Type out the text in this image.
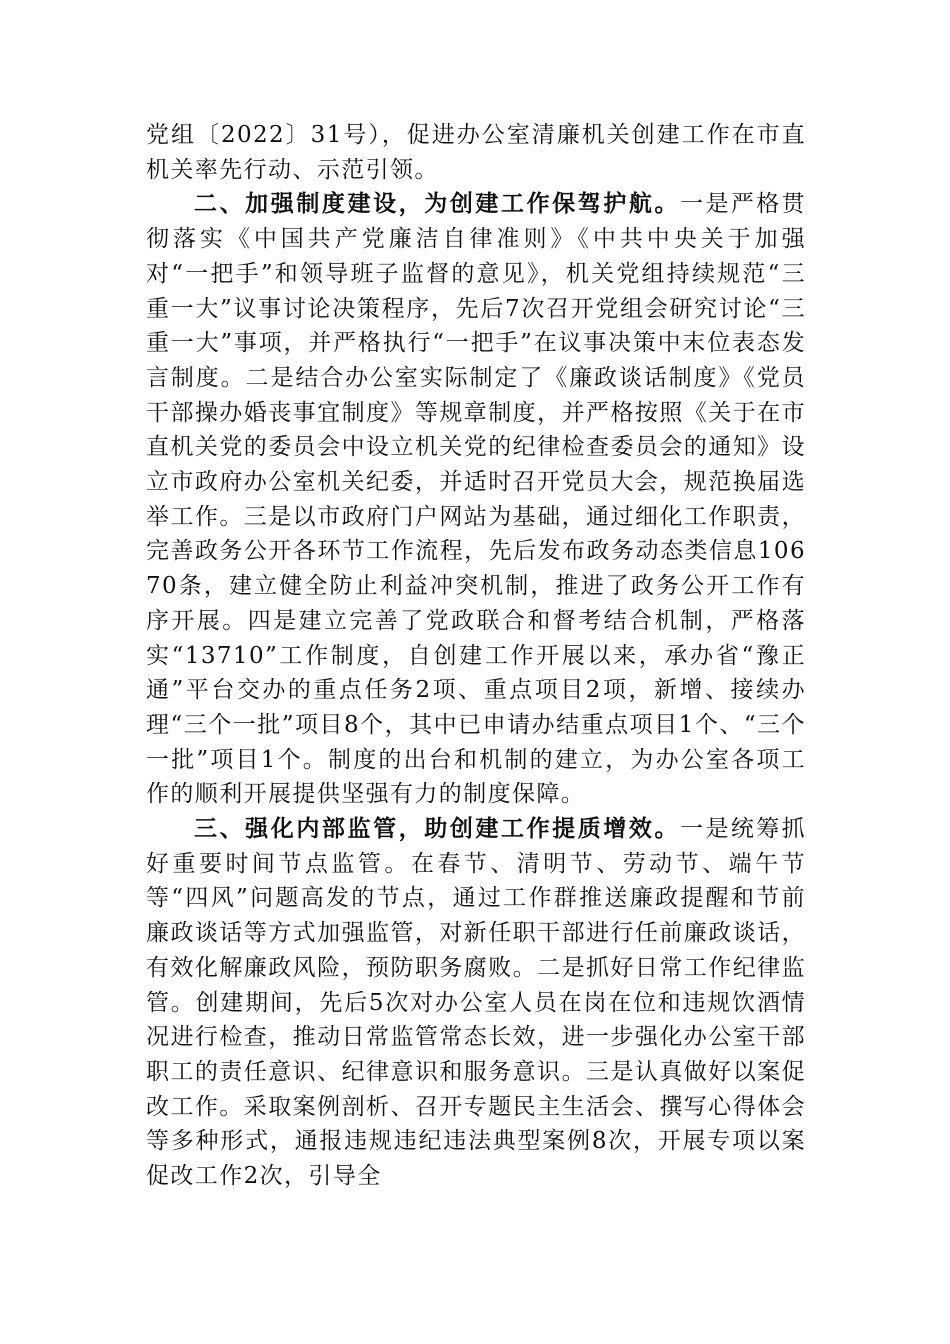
党组〔2022〕31号），促进办公室清廉机关创建工作在市直机关率先行动、示范引领。

二、加强制度建设，为创建工作保驾护航。一是严格贯彻落实《中国共产党廉洁自律准则》《中共中央关于加强对“一把手”和领导班子监督的意见》，机关党组持续规范“三重一大”议事讨论决策程序，先后7次召开党组会研究讨论“三重一大”事项，并严格执行“一把手”在议事决策中末位表态发言制度。二是结合办公室实际制定了《廉政谈话制度》《党员干部操办婚丧事宜制度》等规章制度，并严格按照《关于在市直机关党的委员会中设立机关党的纪律检查委员会的通知》设立市政府办公室机关纪委，并适时召开党员大会，规范换届选举工作。三是以市政府门户网站为基础，通过细化工作职责，完善政务公开各环节工作流程，先后发布政务动态类信息10670条，建立健全防止利益冲突机制，推进了政务公开工作有序开展。四是建立完善了党政联合和督考结合机制，严格落实“13710”工作制度，自创建工作开展以来，承办省“豫正通”平台交办的重点任务2项、重点项目2项，新增、接续办理“三个一批”项目8个，其中已申请办结重点项目1个、“三个一批”项目1个。制度的出台和机制的建立，为办公室各项工作的顺利开展提供坚强有力的制度保障。

三、强化内部监管，助创建工作提质增效。一是统筹抓好重要时间节点监管。在春节、清明节、劳动节、端午节等“四风”问题高发的节点，通过工作群推送廉政提醒和节前廉政谈话等方式加强监管，对新任职干部进行任前廉政谈话，有效化解廉政风险，预防职务腐败。二是抓好日常工作纪律监管。创建期间，先后5次对办公室人员在岗在位和违规饮酒情况进行检查，推动日常监管常态长效，进一步强化办公室干部职工的责任意识、纪律意识和服务意识。三是认真做好以案促改工作。采取案例剖析、召开专题民主生活会、撰写心得体会等多种形式，通报违规违纪违法典型案例8次，开展专项以案促改工作2次，引导全
